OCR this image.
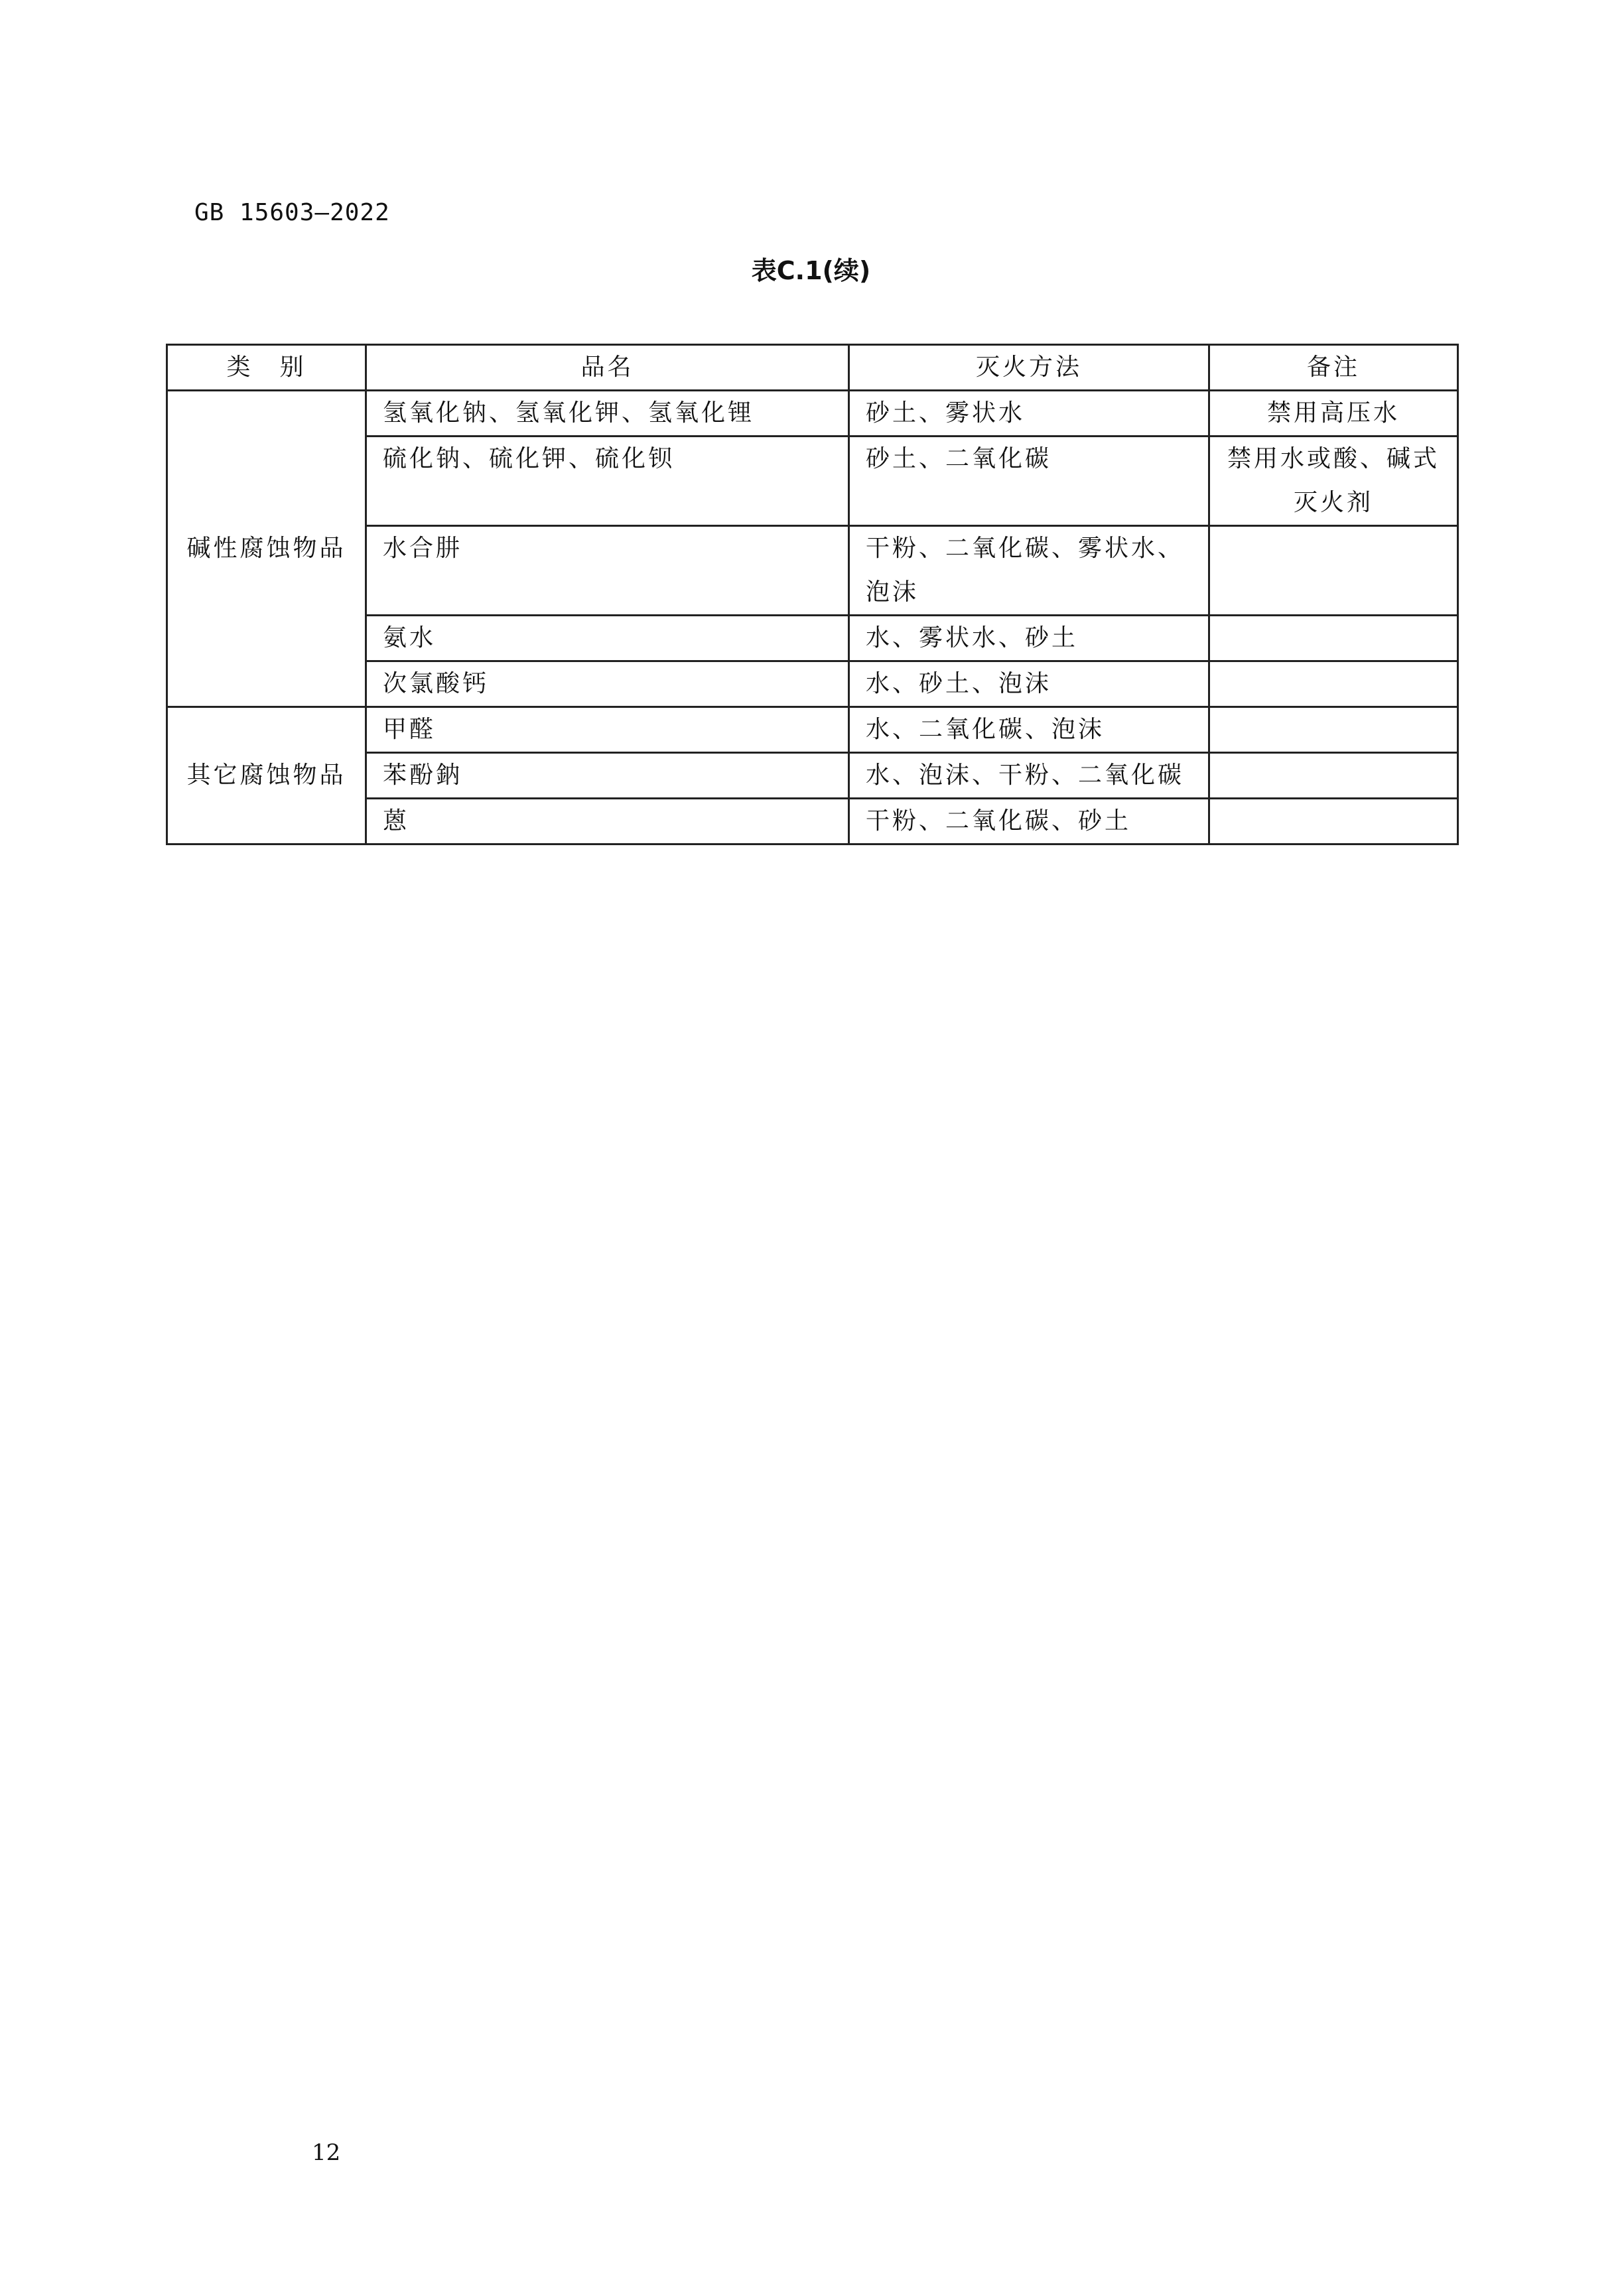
GB 15603—2022
表C.1(续)
类　别	品名	灭火方法	备注
碱性腐蚀物品	氢氧化钠、氢氧化钾、氢氧化锂	砂土、雾状水	禁用高压水
	硫化钠、硫化钾、硫化钡	砂土、二氧化碳	禁用水或酸、碱式灭火剂
	水合肼	干粉、二氧化碳、雾状水、泡沫	
	氨水	水、雾状水、砂土	
	次氯酸钙	水、砂土、泡沫	
其它腐蚀物品	甲醛	水、二氧化碳、泡沫	
	苯酚鈉	水、泡沫、干粉、二氧化碳	
	蒽	干粉、二氧化碳、砂土	
12
